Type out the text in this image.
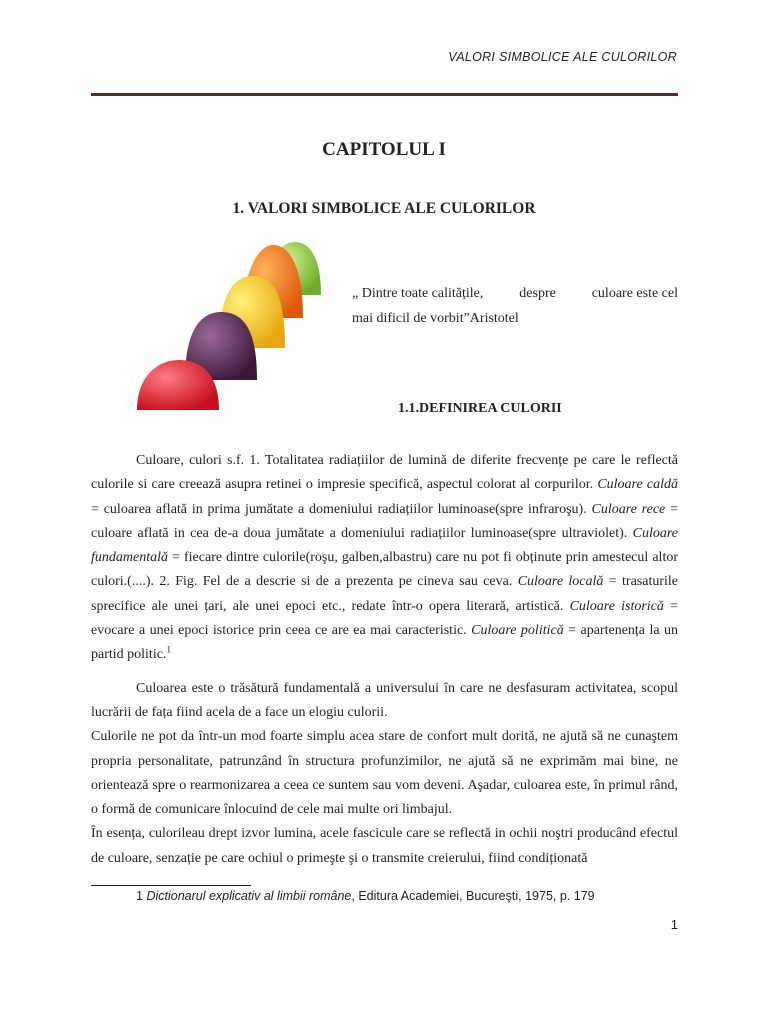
VALORI SIMBOLICE ALE CULORILOR
CAPITOLUL I
1. VALORI SIMBOLICE ALE CULORILOR
„ Dintre toate calitățile,	despre	culoare este cel
mai dificil de vorbit”Aristotel
1.1.DEFINIREA CULORII

Culoare, culori s.f. 1. Totalitatea radiațiilor de lumină de diferite frecvențe pe care le reflectă culorile si care creează asupra retinei o impresie specifică, aspectul colorat al corpurilor. Culoare caldă = culoarea aflată in prima jumătate a domeniului radiațiilor luminoase(spre infraroşu). Culoare rece = culoare aflată in cea de-a doua jumătate a domeniului radiațiilor luminoase(spre ultraviolet). Culoare fundamentală = fiecare dintre culorile(roşu, galben,albastru) care nu pot fi obținute prin amestecul altor culori.(....). 2. Fig. Fel de a descrie si de a prezenta pe cineva sau ceva. Culoare locală = trasaturile sprecifice ale unei țari, ale unei epoci etc., redate într-o opera literară, artistică. Culoare istorică = evocare a unei epoci istorice prin ceea ce are ea mai caracteristic. Culoare politică = apartenența la un partid politic.$^1$

Culoarea este o trăsătură fundamentală a universului în care ne desfasuram activitatea, scopul lucrării de fața fiind acela de a face un elogiu culorii.

Culorile ne pot da într-un mod foarte simplu acea stare de confort mult dorită, ne ajută să ne cunaştem propria personalitate, patrunzând în structura profunzimilor, ne ajută să ne exprimăm mai bine, ne orientează spre o rearmonizarea a ceea ce suntem sau vom deveni. Aşadar, culoarea este, în primul rând, o formă de comunicare înlocuind de cele mai multe ori limbajul.

În esența, culorileau drept izvor lumina, acele fascicule care se reflectă in ochii noştri producând efectul de culoare, senzație pe care ochiul o primeşte şi o transmite creierului, fiind condiționată

1 Dictionarul explicativ al limbii române, Editura Academiei, Bucureşti, 1975, p. 179
1
